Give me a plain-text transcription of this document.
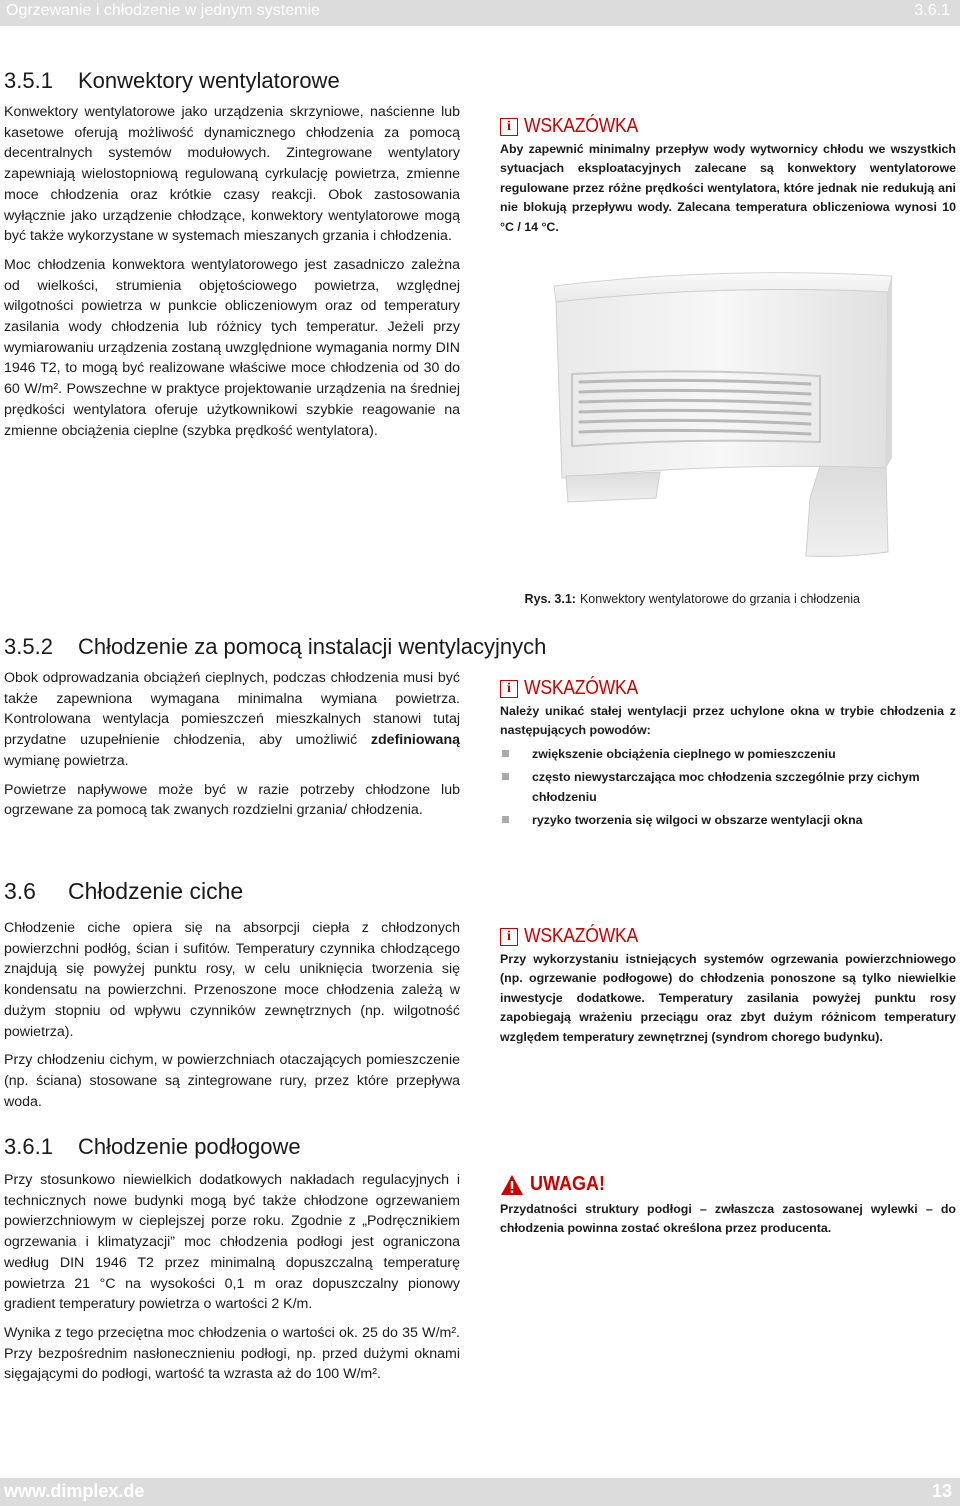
Ogrzewanie i chłodzenie w jednym systemie	3.6.1
3.5.1 Konwektory wentylatorowe

Konwektory wentylatorowe jako urządzenia skrzyniowe, naścienne lub kasetowe oferują możliwość dynamicznego chłodzenia za pomocą decentralnych systemów modułowych. Zintegrowane wentylatory zapewniają wielostopniową regulowaną cyrkulację powietrza, zmienne moce chłodzenia oraz krótkie czasy reakcji. Obok zastosowania wyłącznie jako urządzenie chłodzące, konwektory wentylatorowe mogą być także wykorzystane w systemach mieszanych grzania i chłodzenia.

Moc chłodzenia konwektora wentylatorowego jest zasadniczo zależna od wielkości, strumienia objętościowego powietrza, względnej wilgotności powietrza w punkcie obliczeniowym oraz od temperatury zasilania wody chłodzenia lub różnicy tych temperatur. Jeżeli przy wymiarowaniu urządzenia zostaną uwzględnione wymagania normy DIN 1946 T2, to mogą być realizowane właściwe moce chłodzenia od 30 do 60 W/m². Powszechne w praktyce projektowanie urządzenia na średniej prędkości wentylatora oferuje użytkownikowi szybkie reagowanie na zmienne obciążenia cieplne (szybka prędkość wentylatora).

i WSKAZÓWKA

Aby zapewnić minimalny przepływ wody wytwornicy chłodu we wszystkich sytuacjach eksploatacyjnych zalecane są konwektory wentylatorowe regulowane przez różne prędkości wentylatora, które jednak nie redukują ani nie blokują przepływu wody. Zalecana temperatura obliczeniowa wynosi 10 °C / 14 °C.

Rys. 3.1: Konwektory wentylatorowe do grzania i chłodzenia
3.5.2 Chłodzenie za pomocą instalacji wentylacyjnych

Obok odprowadzania obciążeń cieplnych, podczas chłodzenia musi być także zapewniona wymagana minimalna wymiana powietrza. Kontrolowana wentylacja pomieszczeń mieszkalnych stanowi tutaj przydatne uzupełnienie chłodzenia, aby umożliwić zdefiniowaną wymianę powietrza.

Powietrze napływowe może być w razie potrzeby chłodzone lub ogrzewane za pomocą tak zwanych rozdzielni grzania/ chłodzenia.

i WSKAZÓWKA

Należy unikać stałej wentylacji przez uchylone okna w trybie chłodzenia z następujących powodów:

zwiększenie obciążenia cieplnego w pomieszczeniu
często niewystarczająca moc chłodzenia szczególnie przy cichym chłodzeniu
ryzyko tworzenia się wilgoci w obszarze wentylacji okna
3.6 Chłodzenie ciche

Chłodzenie ciche opiera się na absorpcji ciepła z chłodzonych powierzchni podłóg, ścian i sufitów. Temperatury czynnika chłodzącego znajdują się powyżej punktu rosy, w celu uniknięcia tworzenia się kondensatu na powierzchni. Przenoszone moce chłodzenia zależą w dużym stopniu od wpływu czynników zewnętrznych (np. wilgotność powietrza).

Przy chłodzeniu cichym, w powierzchniach otaczających pomieszczenie (np. ściana) stosowane są zintegrowane rury, przez które przepływa woda.

i WSKAZÓWKA

Przy wykorzystaniu istniejących systemów ogrzewania powierzchniowego (np. ogrzewanie podłogowe) do chłodzenia ponoszone są tylko niewielkie inwestycje dodatkowe. Temperatury zasilania powyżej punktu rosy zapobiegają wrażeniu przeciągu oraz zbyt dużym różnicom temperatury względem temperatury zewnętrznej (syndrom chorego budynku).

3.6.1 Chłodzenie podłogowe

Przy stosunkowo niewielkich dodatkowych nakładach regulacyjnych i technicznych nowe budynki mogą być także chłodzone ogrzewaniem powierzchniowym w cieplejszej porze roku. Zgodnie z „Podręcznikiem ogrzewania i klimatyzacji” moc chłodzenia podłogi jest ograniczona według DIN 1946 T2 przez minimalną dopuszczalną temperaturę powietrza 21 °C na wysokości 0,1 m oraz dopuszczalny pionowy gradient temperatury powietrza o wartości 2 K/m.

Wynika z tego przeciętna moc chłodzenia o wartości ok. 25 do 35 W/m². Przy bezpośrednim nasłonecznieniu podłogi, np. przed dużymi oknami sięgającymi do podłogi, wartość ta wzrasta aż do 100 W/m².

UWAGA!

Przydatności struktury podłogi – zwłaszcza zastosowanej wylewki – do chłodzenia powinna zostać określona przez producenta.

www.dimplex.de	13
